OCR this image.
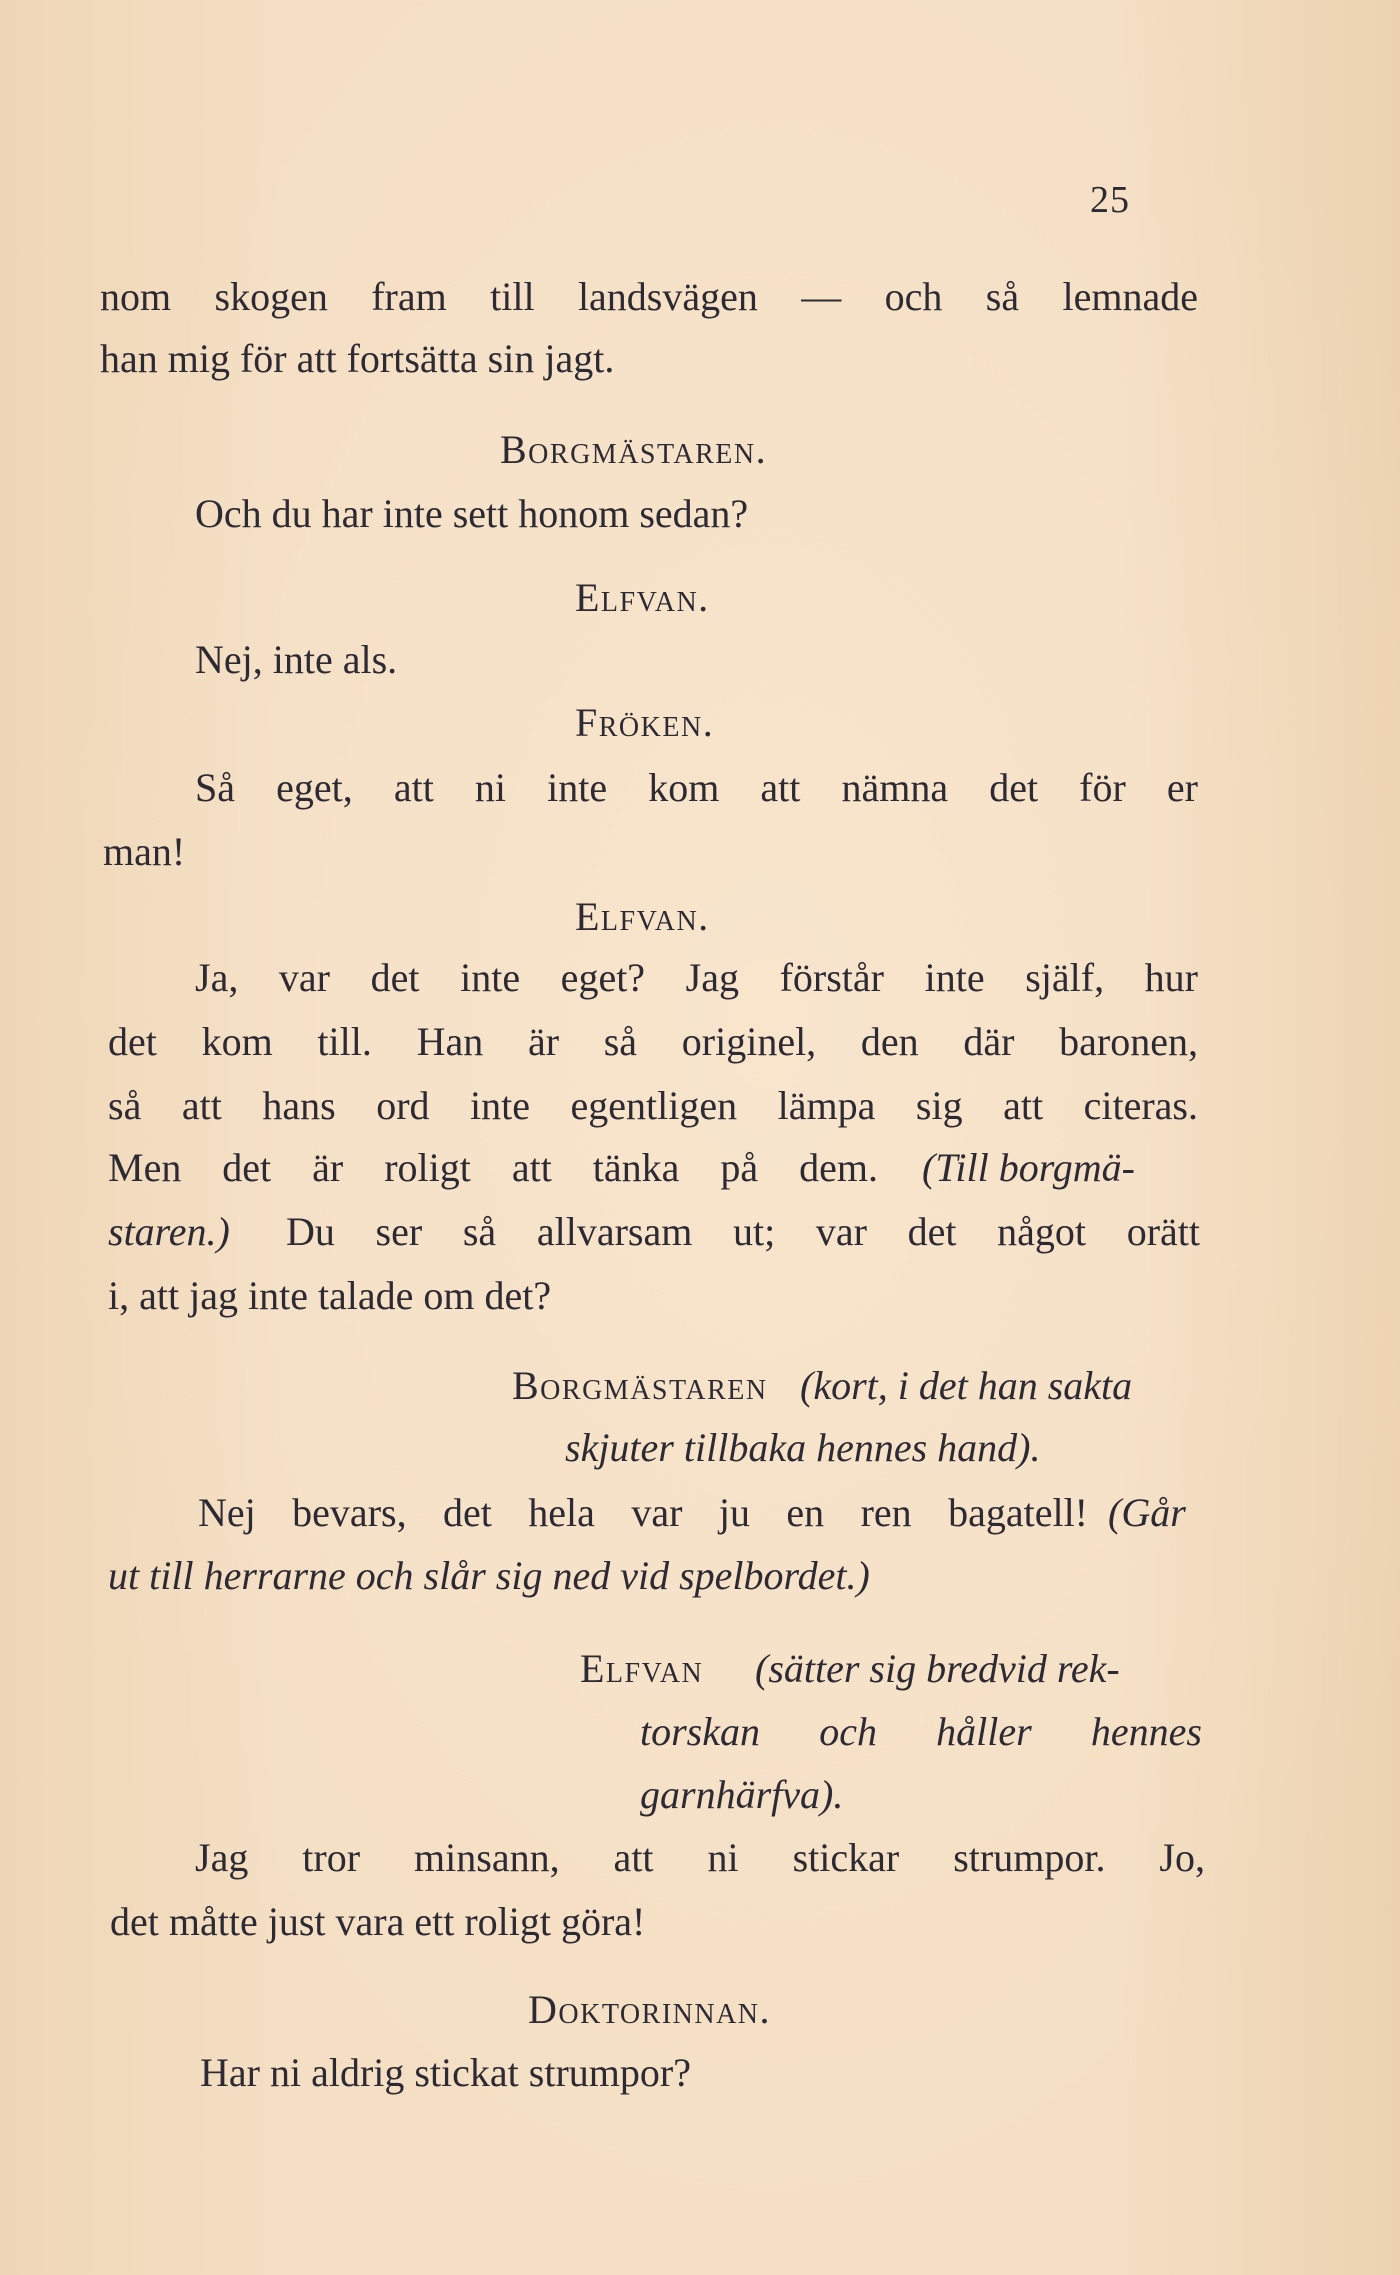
25
nom skogen fram till landsvägen — och så lemnade
han mig för att fortsätta sin jagt.
Borgmästaren.
Och du har inte sett honom sedan?
Elfvan.
Nej, inte als.
Fröken.
Så eget, att ni inte kom att nämna det för er
man!
Elfvan.
Ja, var det inte eget? Jag förstår inte själf, hur
det kom till. Han är så originel, den där baronen,
så att hans ord inte egentligen lämpa sig att citeras.
Men det är roligt att tänka på dem. (Till borgmä-
staren.) Du ser så allvarsam ut; var det något orätt
i, att jag inte talade om det?
Borgmästaren (kort, i det han sakta
skjuter tillbaka hennes hand).
Nej bevars, det hela var ju en ren bagatell! (Går
ut till herrarne och slår sig ned vid spelbordet.)
Elfvan (sätter sig bredvid rek-
torskan och håller hennes
garnhärfva).
Jag tror minsann, att ni stickar strumpor. Jo,
det måtte just vara ett roligt göra!
Doktorinnan.
Har ni aldrig stickat strumpor?
